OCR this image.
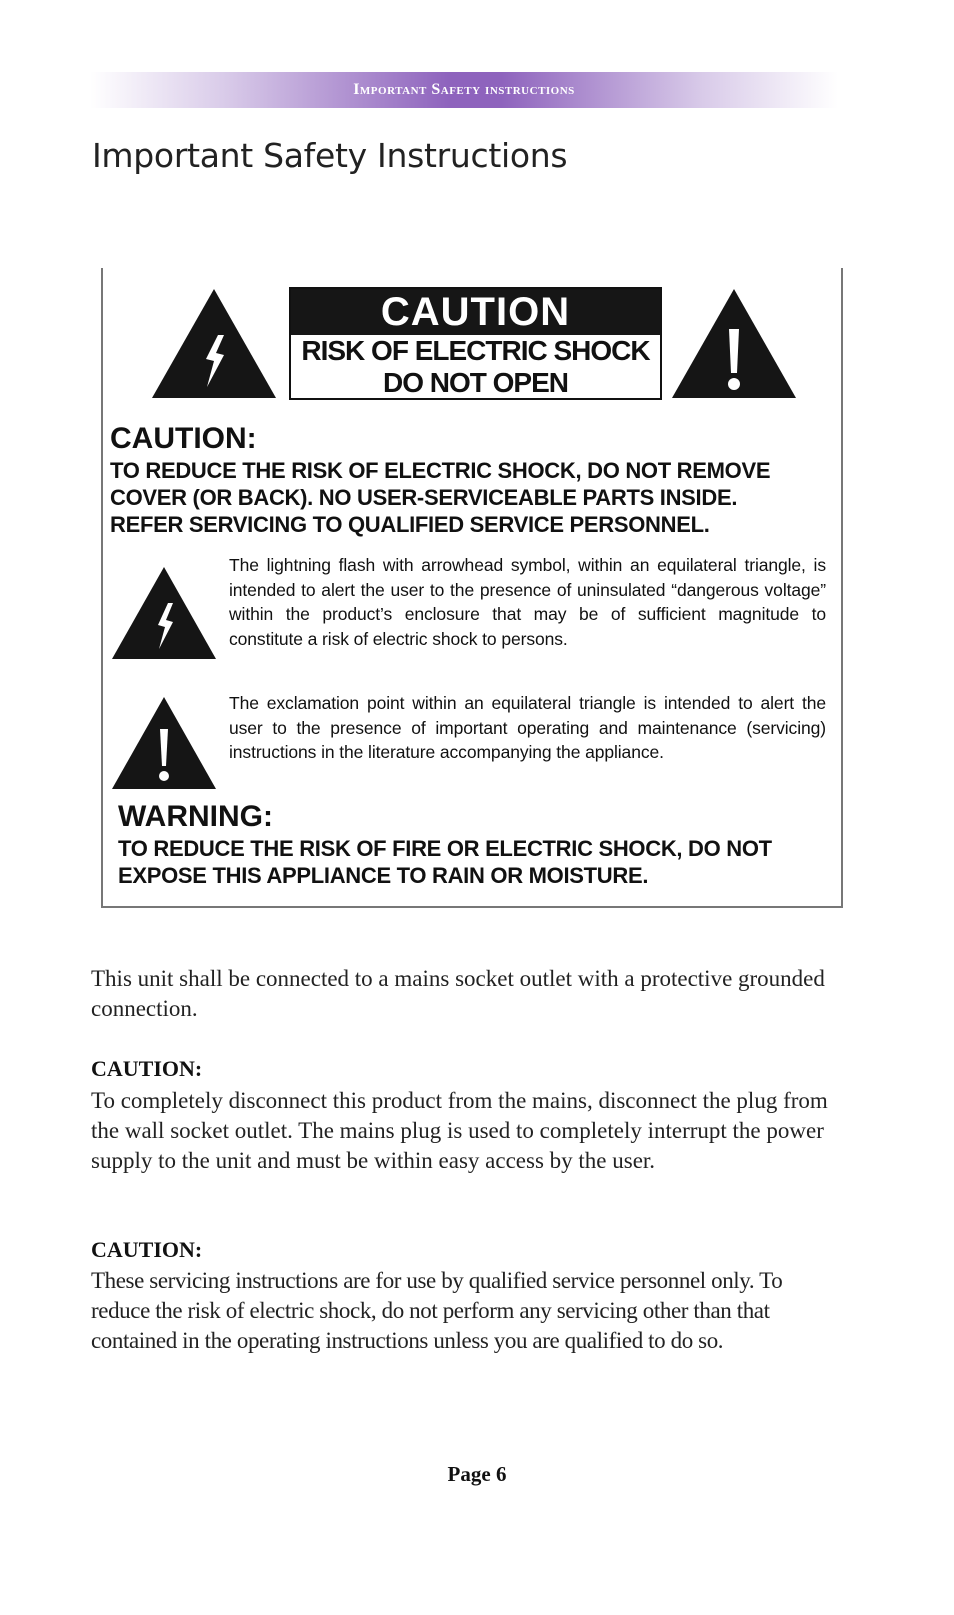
Important Safety instructions
Important Safety Instructions
CAUTION
RISK OF ELECTRIC SHOCK
DO NOT OPEN

CAUTION:

TO REDUCE THE RISK OF ELECTRIC SHOCK, DO NOT REMOVE

COVER (OR BACK). NO USER-SERVICEABLE PARTS INSIDE.

REFER SERVICING TO QUALIFIED SERVICE PERSONNEL.

The lightning flash with arrowhead symbol, within an equilateral triangle, is intended to alert the user to the presence of uninsulated “dangerous voltage” within the product’s enclosure that may be of sufficient magnitude to constitute a risk of electric shock to persons.

The exclamation point within an equilateral triangle is intended to alert the user to the presence of important operating and maintenance (servicing) instructions in the literature accompanying the appliance.

WARNING:

TO REDUCE THE RISK OF FIRE OR ELECTRIC SHOCK, DO NOT

EXPOSE THIS APPLIANCE TO RAIN OR MOISTURE.

This unit shall be connected to a mains socket outlet with a protective grounded connection.

CAUTION:

To completely disconnect this product from the mains, disconnect the plug from the wall socket outlet. The mains plug is used to completely interrupt the power supply to the unit and must be within easy access by the user.

CAUTION:

These servicing instructions are for use by qualified service personnel only. To reduce the risk of electric shock, do not perform any servicing other than that contained in the operating instructions unless you are qualified to do so.

Page 6
